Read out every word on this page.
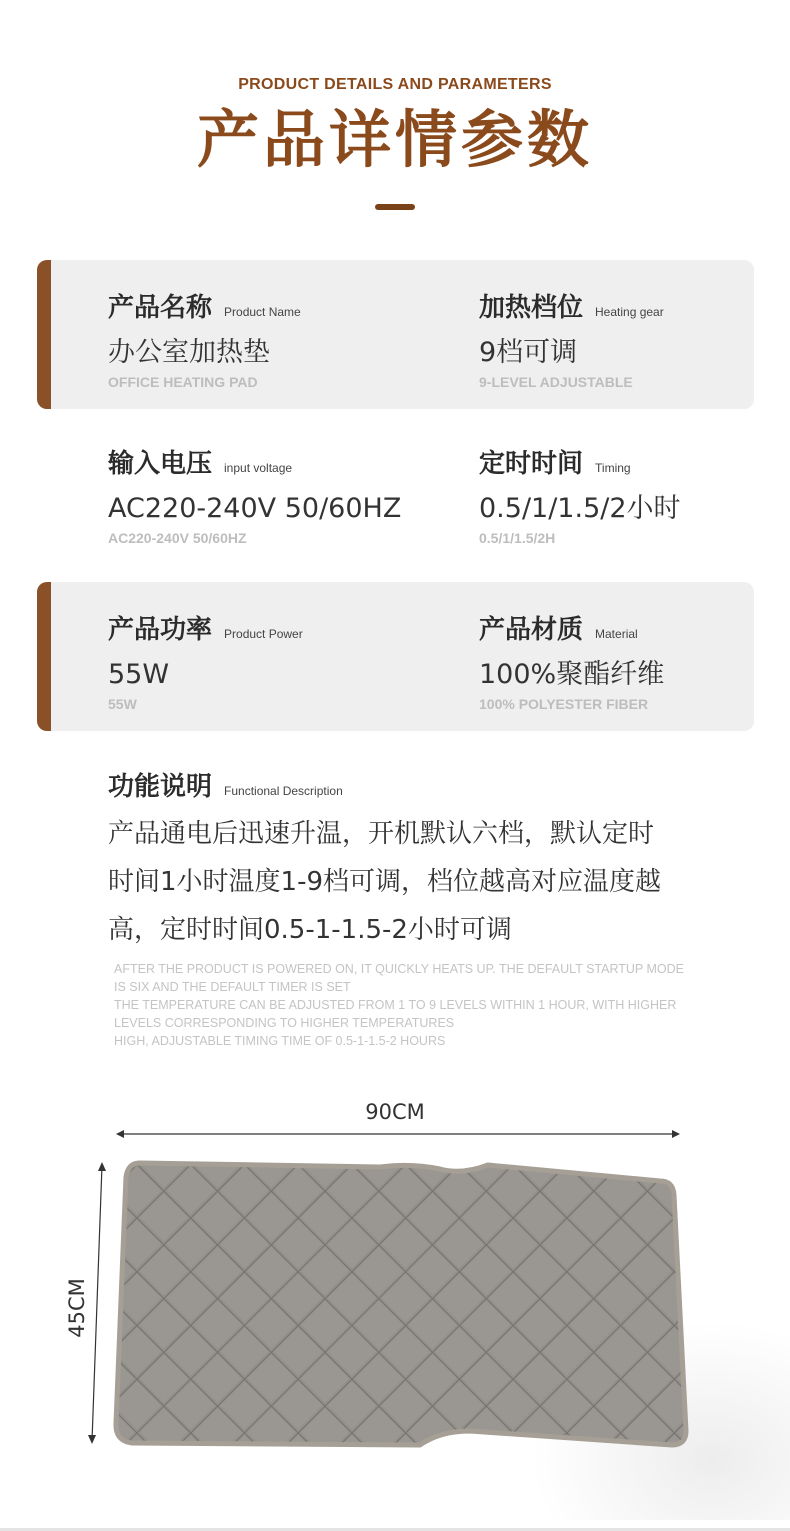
PRODUCT DETAILS AND PARAMETERS
产品详情参数
产品名称 Product Name
办公室加热垫
OFFICE HEATING PAD
加热档位 Heating gear
9档可调
9-LEVEL ADJUSTABLE
输入电压 input voltage
AC220-240V 50/60HZ
AC220-240V 50/60HZ
定时时间 Timing
0.5/1/1.5/2小时
0.5/1/1.5/2H
产品功率 Product Power
55W
55W
产品材质 Material
100%聚酯纤维
100% POLYESTER FIBER
功能说明 Functional Description
产品通电后迅速升温，开机默认六档，默认定时
时间1小时温度1-9档可调，档位越高对应温度越
高，定时时间0.5-1-1.5-2小时可调
AFTER THE PRODUCT IS POWERED ON, IT QUICKLY HEATS UP. THE DEFAULT STARTUP MODE
IS SIX AND THE DEFAULT TIMER IS SET
THE TEMPERATURE CAN BE ADJUSTED FROM 1 TO 9 LEVELS WITHIN 1 HOUR, WITH HIGHER
LEVELS CORRESPONDING TO HIGHER TEMPERATURES
HIGH, ADJUSTABLE TIMING TIME OF 0.5-1-1.5-2 HOURS
90CM
45CM
